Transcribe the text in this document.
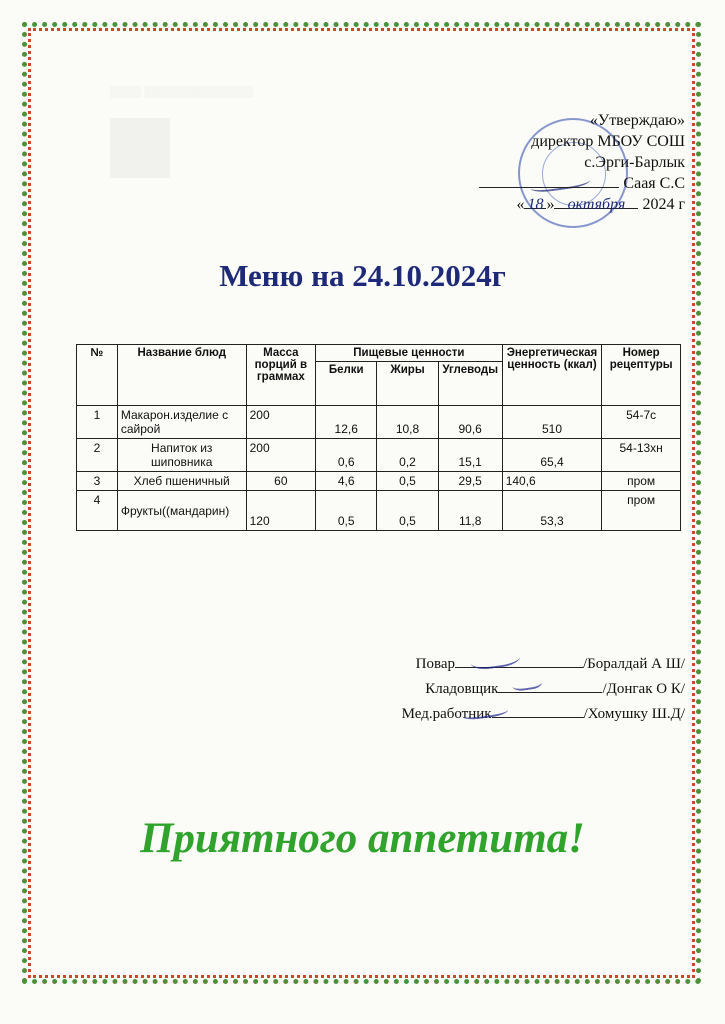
▒▒▒▒ ▒▒▒▒▒▒▒▒▒▒▒▒▒▒
«Утверждаю»
директор МБОУ СОШ
с.Эрги-Барлык
Саая С.С
« 18 » октября 2024 г
Меню на 24.10.2024г
№	Название блюд	Масса порций в граммах	Пищевые ценности			Энергетическая ценность (ккал)	Номер рецептуры
			Белки	Жиры	Углеводы		
1	Макарон.изделие с сайрой	200	12,6	10,8	90,6	510	54-7с
2	Напиток из шиповника	200	0,6	0,2	15,1	65,4	54-13хн
3	Хлеб пшеничный	60	4,6	0,5	29,5	140,6	пром
4	Фрукты((мандарин)	120	0,5	0,5	11,8	53,3	пром
Повар	/Боралдай А Ш/
Кладовщик	/Донгак О К/
Мед.работник	/Хомушку Ш.Д/
Приятного аппетита!
